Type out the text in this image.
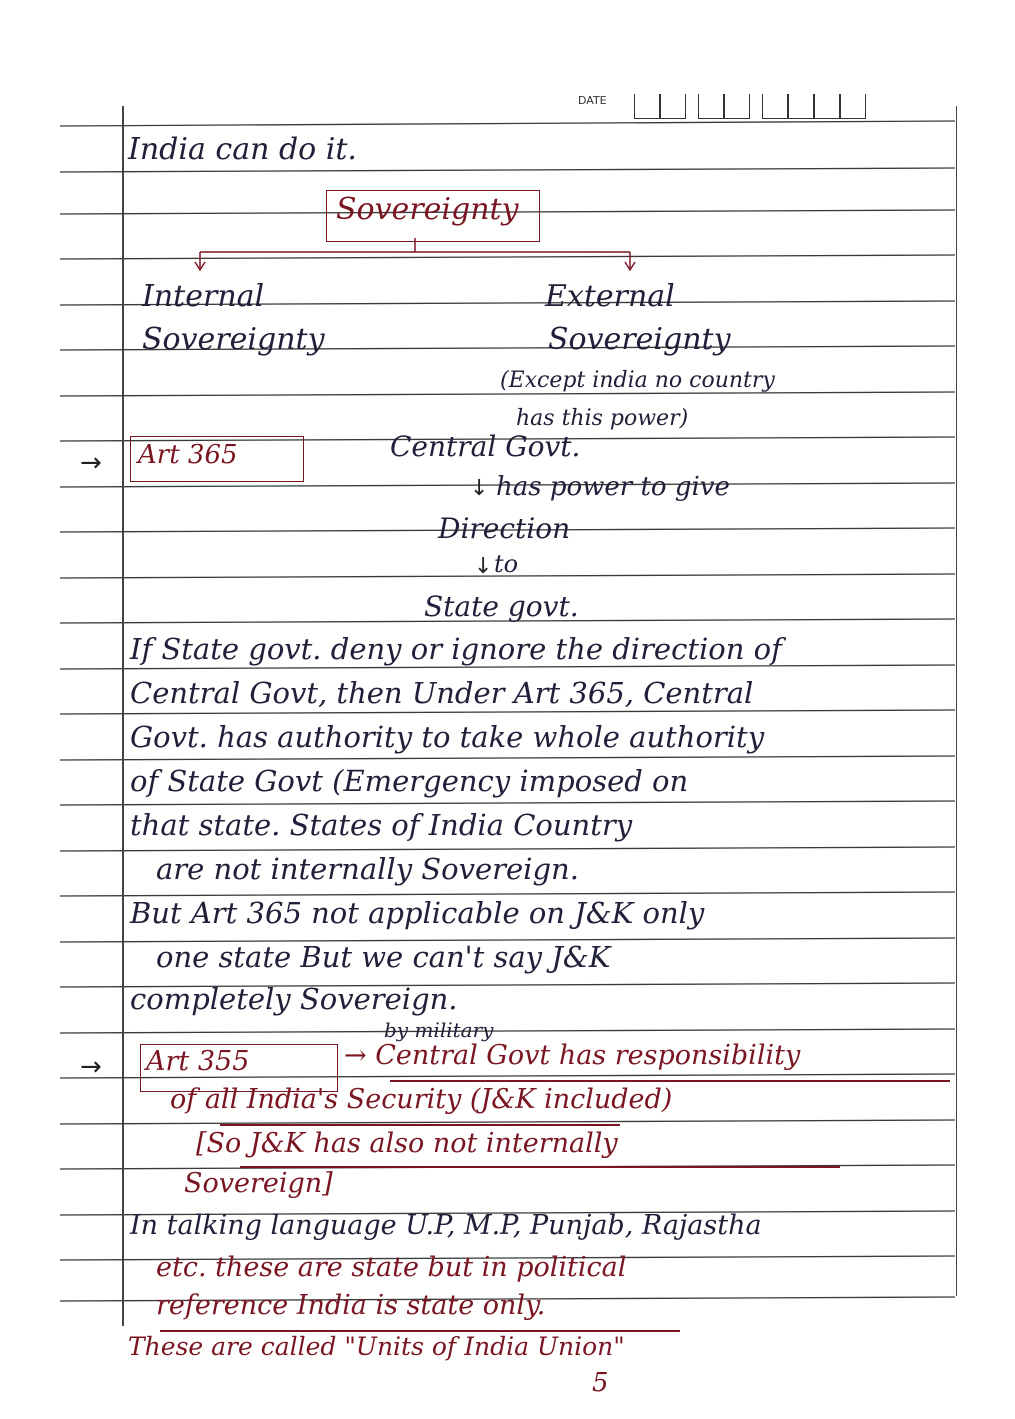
DATE
India can do it.
Sovereignty
Internal
Sovereignty
External
Sovereignty
(Except india no country
has this power)
→ Art 365	Central Govt.
↓ has power to give
Direction
↓ to
State govt.
If State govt. deny or ignore the direction of
Central Govt, then Under Art 365, Central
Govt. has authority to take whole authority
of State Govt (Emergency imposed on
that state. States of India Country
are not internally Sovereign.
But Art 365 not applicable on J&K only
one state But we can't say J&K
completely Sovereign.
by military
→ Art 355	→ Central Govt has responsibility
of all India's Security (J&K included)
[So J&K has also not internally
Sovereign]
In talking language U.P, M.P, Punjab, Rajastha
etc. these are state but in political
reference India is state only.
These are called "Units of India Union"
5
